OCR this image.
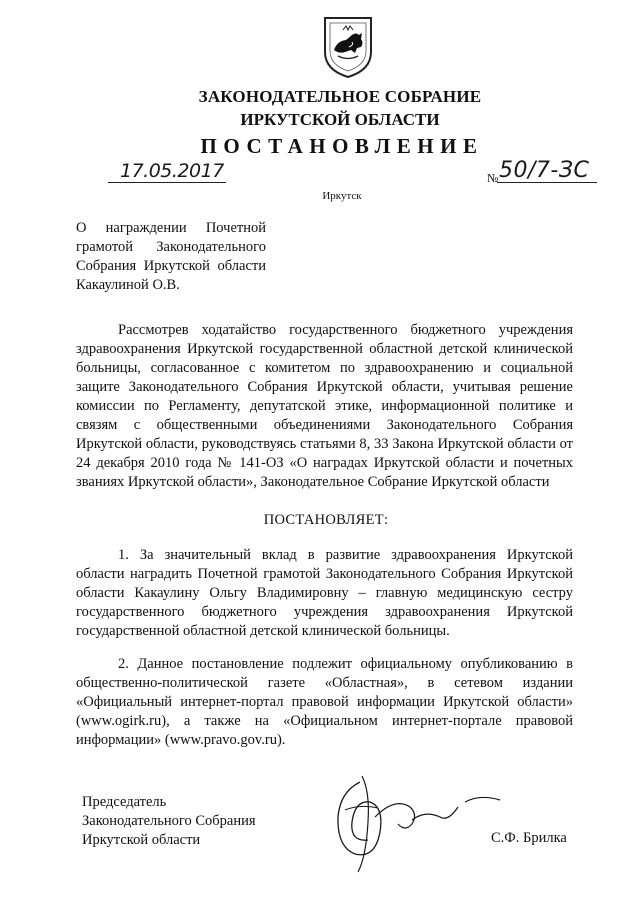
ЗАКОНОДАТЕЛЬНОЕ СОБРАНИЕ
ИРКУТСКОЙ ОБЛАСТИ
ПОСТАНОВЛЕНИЕ
17.05.2017	№ 50/7-ЗС
Иркутск
О награждении Почетной грамотой Законодательного Собрания Иркутской области Какаулиной О.В.

Рассмотрев ходатайство государственного бюджетного учреждения здравоохранения Иркутской государственной областной детской клинической больницы, согласованное с комитетом по здравоохранению и социальной защите Законодательного Собрания Иркутской области, учитывая решение комиссии по Регламенту, депутатской этике, информационной политике и связям с общественными объединениями Законодательного Собрания Иркутской области, руководствуясь статьями 8, 33 Закона Иркутской области от 24 декабря 2010 года № 141-ОЗ «О наградах Иркутской области и почетных званиях Иркутской области», Законодательное Собрание Иркутской области

ПОСТАНОВЛЯЕТ:

1. За значительный вклад в развитие здравоохранения Иркутской области наградить Почетной грамотой Законодательного Собрания Иркутской области Какаулину Ольгу Владимировну – главную медицинскую сестру государственного бюджетного учреждения здравоохранения Иркутской государственной областной детской клинической больницы.

2. Данное постановление подлежит официальному опубликованию в общественно-политической газете «Областная», в сетевом издании «Официальный интернет-портал правовой информации Иркутской области» (www.ogirk.ru), а также на «Официальном интернет-портале правовой информации» (www.pravo.gov.ru).

Председатель
Законодательного Собрания
Иркутской области	С.Ф. Брилка
